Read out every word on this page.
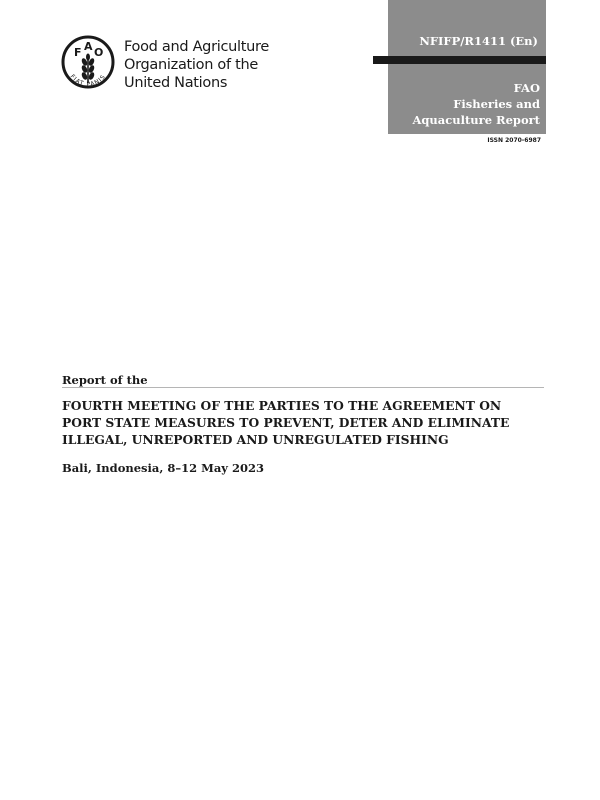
F A O
FIAT PANIS
Food and Agriculture
Organization of the
United Nations
NFIFP/R1411 (En)
FAO
Fisheries and
Aquaculture Report
ISSN 2070-6987
Report of the
FOURTH MEETING OF THE PARTIES TO THE AGREEMENT ON
PORT STATE MEASURES TO PREVENT, DETER AND ELIMINATE
ILLEGAL, UNREPORTED AND UNREGULATED FISHING
Bali, Indonesia, 8–12 May 2023
